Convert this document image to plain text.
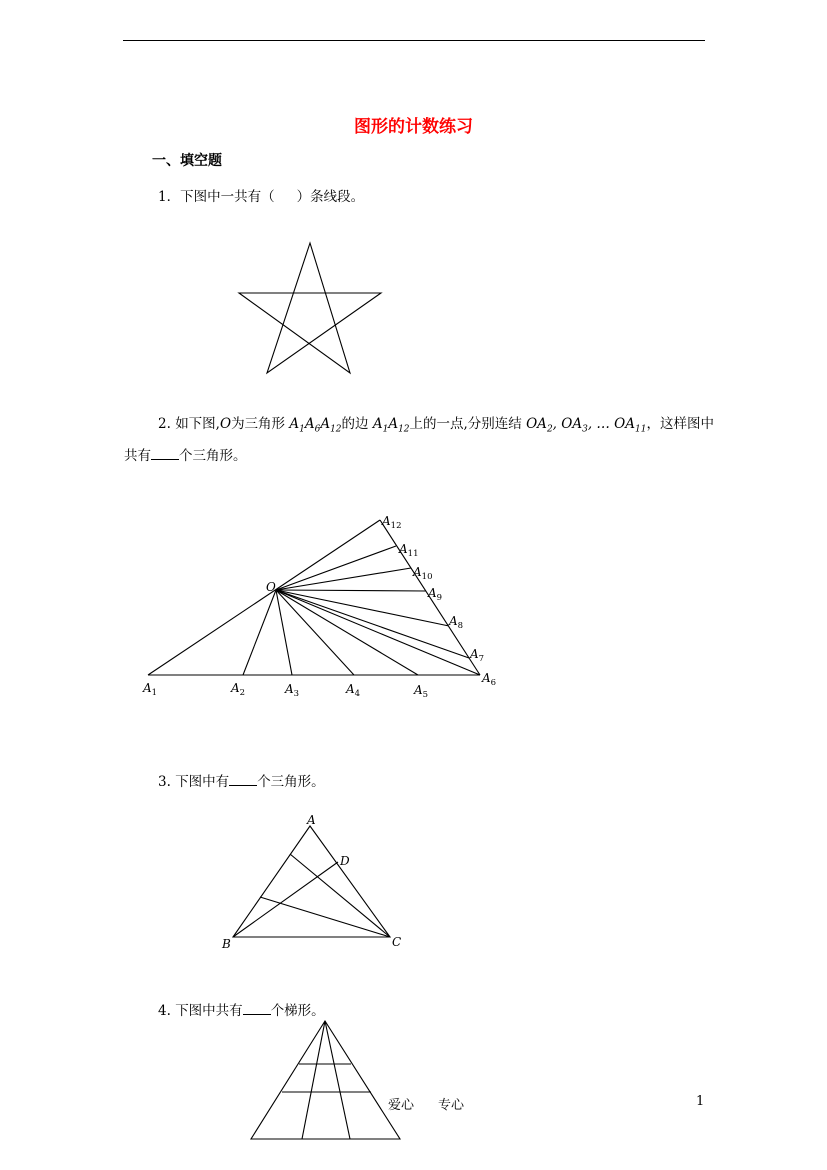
图形的计数练习
一、填空题
1．下图中一共有（ ）条线段。
2. 如下图,O为三角形 $A_1A_6A_{12}$的边 $A_1A_{12}$上的一点,分别连结 $OA_2$, $OA_3$, … $OA_{11}$，这样图中
共有 个三角形。
O
$A_{12}$
$A_{11}$
$A_{10}$
$A_9$
$A_8$
$A_7$
$A_6$
$A_1$	$A_2$	$A_3$	$A_4$	$A_5$
3. 下图中有 个三角形。
A
D
B	C
4. 下图中共有 个梯形。
爱心 专心	1
